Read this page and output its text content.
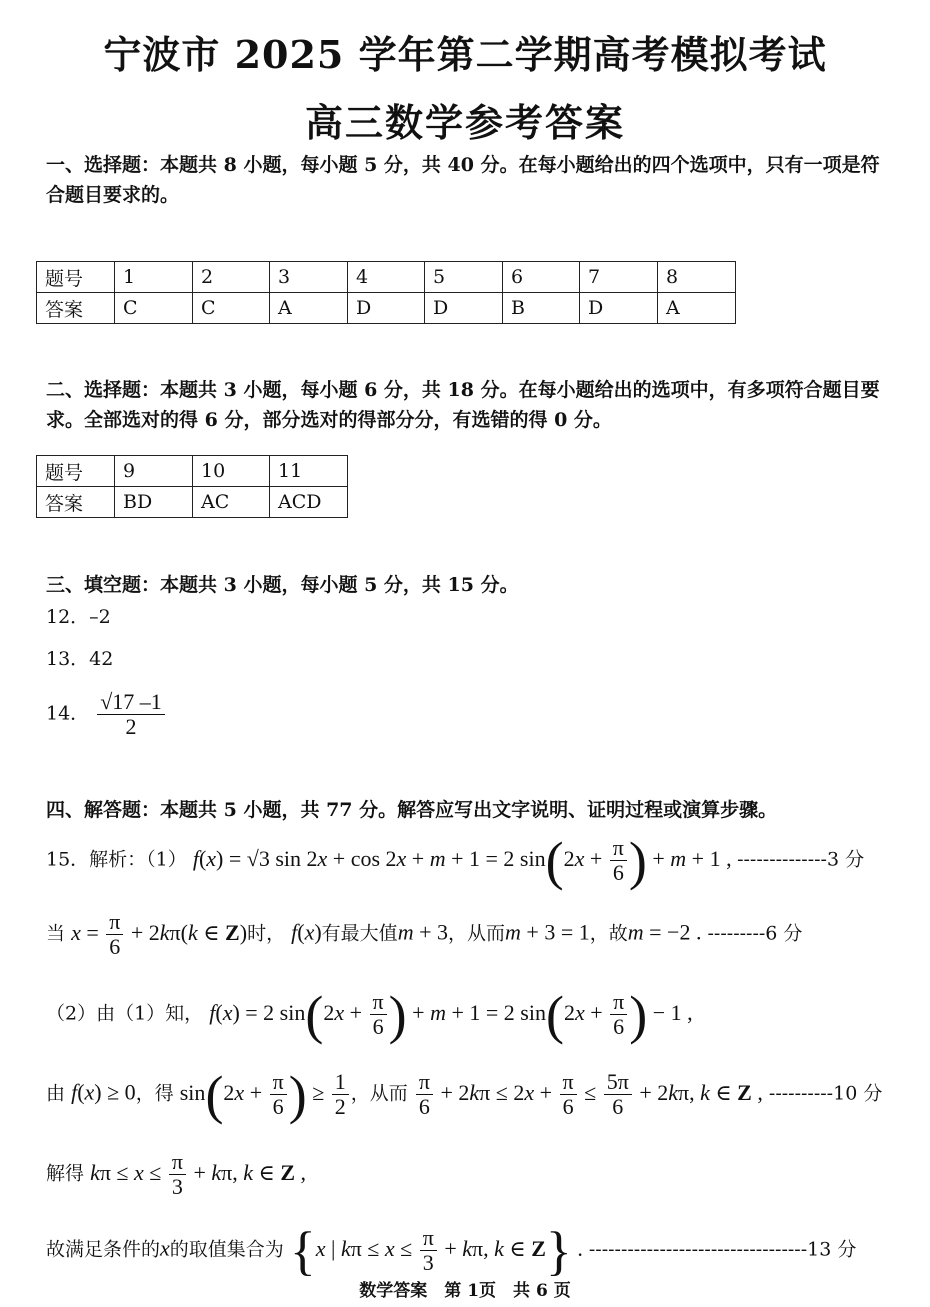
宁波市 2025 学年第二学期高考模拟考试
高三数学参考答案
一、选择题：本题共 8 小题，每小题 5 分，共 40 分。在每小题给出的四个选项中，只有一项是符合题目要求的。
题号	1	2	3	4	5	6	7	8
答案	C	C	A	D	D	B	D	A
二、选择题：本题共 3 小题，每小题 6 分，共 18 分。在每小题给出的选项中，有多项符合题目要求。全部选对的得 6 分，部分选对的得部分分，有选错的得 0 分。
题号	9	10	11
答案	BD	AC	ACD
三、填空题：本题共 3 小题，每小题 5 分，共 15 分。
12．–2
13．42
14． $\frac{√17 -1}{2}$
四、解答题：本题共 5 小题，共 77 分。解答应写出文字说明、证明过程或演算步骤。
15．解析：（1） f(x) = √3 sin 2x + cos 2x + m + 1 = 2 $\sin(2x + \frac{\pi}{6}$ ) + m + 1 , --------------3 分
当 $x = \frac{\pi}{6} + 2k\pi(k$ ∈ Z)时， f(x)有最大值m + 3，从而m + 3 = 1，故m = −2 . ---------6 分
（2）由（1）知， f(x) = 2 $\sin(2x + \frac{\pi}{6}$ ) + m + 1 = 2 $\sin(2x + \frac{\pi}{6}$ ) − 1 ,
由 f(x) ≥ 0，得 $\sin(2x + \frac{\pi}{6}$ ) ≥ $\frac{1}{2}$ ，从而 $\frac{\pi}{6} + 2k\pi \le 2x + \frac{\pi}{6} \le \frac{5\pi}{6} + 2k\pi$, k ∈ Z , ----------10 分
解得 $k\pi \le x \le \frac{\pi}{3} + k\pi$, k ∈ Z ,
故满足条件的x的取值集合为 {x | $k\pi \le x \le \frac{\pi}{3} + k\pi$, k ∈ Z} . ----------------------------------13 分
数学答案　第 1页　共 6 页
